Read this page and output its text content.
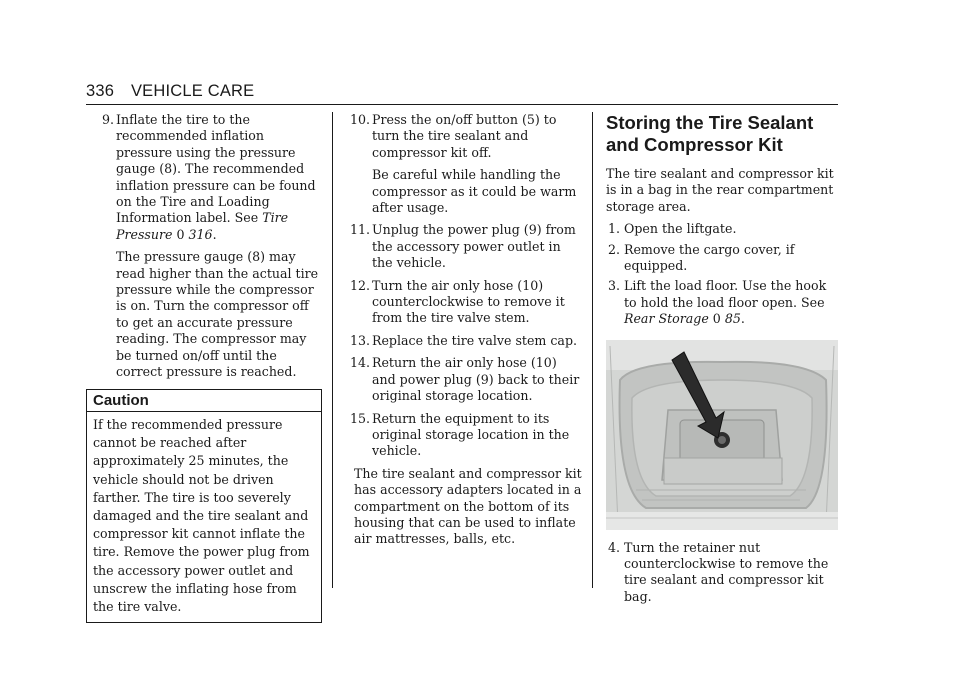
336 VEHICLE CARE
9. Inflate the tire to the recommended inflation pressure using the pressure gauge (8). The recommended inflation pressure can be found on the Tire and Loading Information label. See Tire Pressure 0 316.
The pressure gauge (8) may read higher than the actual tire pressure while the compressor is on. Turn the compressor off to get an accurate pressure reading. The compressor may be turned on/off until the correct pressure is reached.
Caution
If the recommended pressure cannot be reached after approximately 25 minutes, the vehicle should not be driven farther. The tire is too severely damaged and the tire sealant and compressor kit cannot inflate the tire. Remove the power plug from the accessory power outlet and unscrew the inflating hose from the tire valve.
10. Press the on/off button (5) to turn the tire sealant and compressor kit off.
Be careful while handling the compressor as it could be warm after usage.
11. Unplug the power plug (9) from the accessory power outlet in the vehicle.
12. Turn the air only hose (10) counterclockwise to remove it from the tire valve stem.
13. Replace the tire valve stem cap.
14. Return the air only hose (10) and power plug (9) back to their original storage location.
15. Return the equipment to its original storage location in the vehicle.
The tire sealant and compressor kit has accessory adapters located in a compartment on the bottom of its housing that can be used to inflate air mattresses, balls, etc.
Storing the Tire Sealant
and Compressor Kit
The tire sealant and compressor kit is in a bag in the rear compartment storage area.
1. Open the liftgate.
2. Remove the cargo cover, if equipped.
3. Lift the load floor. Use the hook to hold the load floor open. See Rear Storage 0 85.
4. Turn the retainer nut counterclockwise to remove the tire sealant and compressor kit bag.
